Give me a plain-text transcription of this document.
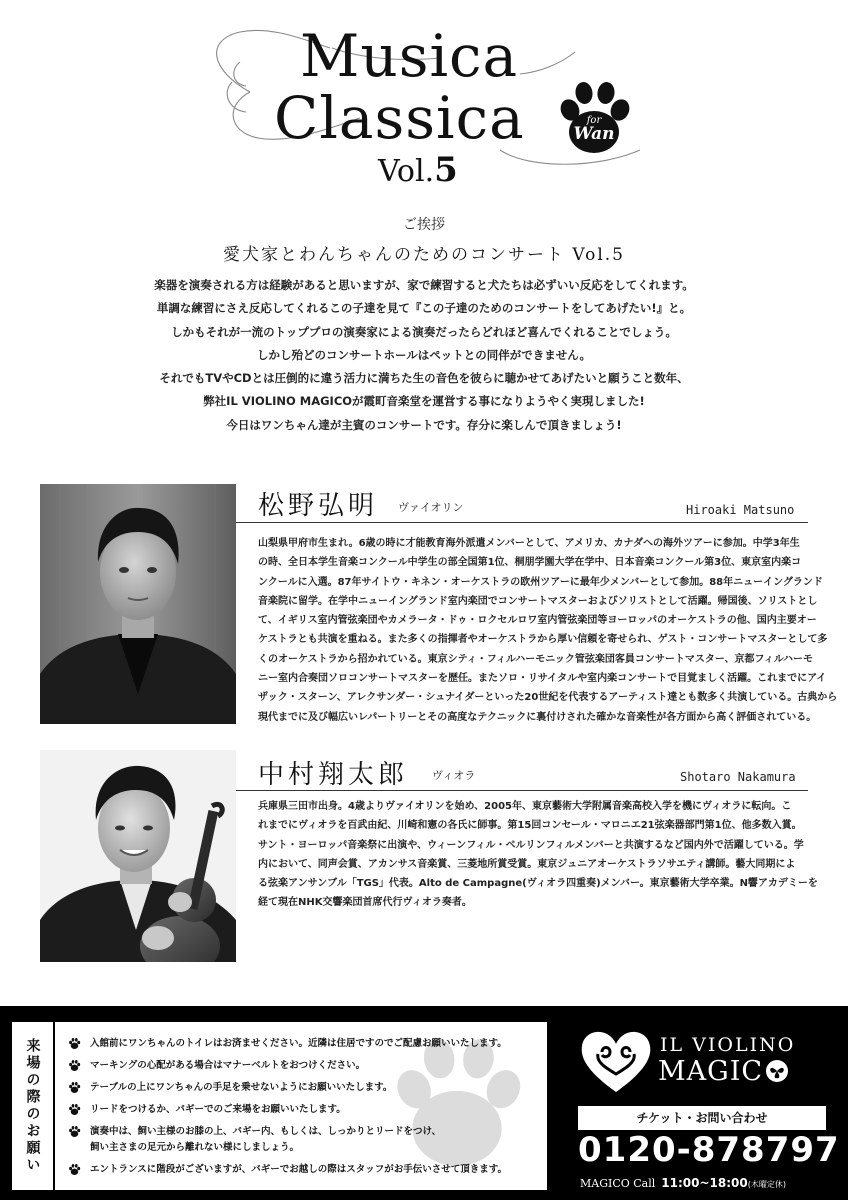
Musica
Classica
Vol.5
for
Wan
ご挨拶
愛犬家とわんちゃんのためのコンサート Vol.5
楽器を演奏される方は経験があると思いますが、家で練習すると犬たちは必ずいい反応をしてくれます。
単調な練習にさえ反応してくれるこの子達を見て『この子達のためのコンサートをしてあげたい!』と。
しかもそれが一流のトッププロの演奏家による演奏だったらどれほど喜んでくれることでしょう。
しかし殆どのコンサートホールはペットとの同伴ができません。
それでもTVやCDとは圧倒的に違う活力に満ちた生の音色を彼らに聴かせてあげたいと願うこと数年、
弊社IL VIOLINO MAGICOが霞町音楽堂を運営する事になりようやく実現しました!
今日はワンちゃん達が主賓のコンサートです。存分に楽しんで頂きましょう!
松野弘明 ヴァイオリン	Hiroaki Matsuno
山梨県甲府市生まれ。6歳の時に才能教育海外派遣メンバーとして、アメリカ、カナダへの海外ツアーに参加。中学3年生
の時、全日本学生音楽コンクール中学生の部全国第1位、桐朋学園大学在学中、日本音楽コンクール第3位、東京室内楽コ
ンクールに入選。87年サイトウ・キネン・オーケストラの欧州ツアーに最年少メンバーとして参加。88年ニューイングランド
音楽院に留学。在学中ニューイングランド室内楽団でコンサートマスターおよびソリストとして活躍。帰国後、ソリストとし
て、イギリス室内管弦楽団やカメラータ・ドゥ・ロクセルロワ室内管弦楽団等ヨーロッパのオーケストラの他、国内主要オー
ケストラとも共演を重ねる。また多くの指揮者やオーケストラから厚い信頼を寄せられ、ゲスト・コンサートマスターとして多
くのオーケストラから招かれている。東京シティ・フィルハーモニック管弦楽団客員コンサートマスター、京都フィルハーモ
ニー室内合奏団ソロコンサートマスターを歴任。またソロ・リサイタルや室内楽コンサートで目覚ましく活躍。これまでにアイ
ザック・スターン、アレクサンダー・シュナイダーといった20世紀を代表するアーティスト達とも数多く共演している。古典から
現代までに及び幅広いレパートリーとその高度なテクニックに裏付けされた確かな音楽性が各方面から高く評価されている。
中村翔太郎 ヴィオラ	Shotaro Nakamura
兵庫県三田市出身。4歳よりヴァイオリンを始め、2005年、東京藝術大学附属音楽高校入学を機にヴィオラに転向。こ
れまでにヴィオラを百武由紀、川崎和憲の各氏に師事。第15回コンセール・マロニエ21弦楽器部門第1位、他多数入賞。
サント・ヨーロッパ音楽祭に出演や、ウィーンフィル・ベルリンフィルメンバーと共演するなど国内外で活躍している。学
内において、同声会賞、アカンサス音楽賞、三菱地所賞受賞。東京ジュニアオーケストラソサエティ講師。藝大同期によ
る弦楽アンサンブル「TGS」代表。Alto de Campagne(ヴィオラ四重奏)メンバー。東京藝術大学卒業。N響アカデミーを
経て現在NHK交響楽団首席代行ヴィオラ奏者。
来場の際のお願い	入館前にワンちゃんのトイレはお済ませください。近隣は住居ですのでご配慮お願いいたします。
マーキングの心配がある場合はマナーベルトをおつけください。
テーブルの上にワンちゃんの手足を乗せないようにお願いいたします。
リードをつけるか、バギーでのご来場をお願いいたします。
演奏中は、飼い主様のお膝の上、バギー内、もしくは、しっかりとリードをつけ、
飼い主さまの足元から離れない様にしましょう。
エントランスに階段がございますが、バギーでお越しの際はスタッフがお手伝いさせて頂きます。
IL VIOLINO
MAGIC
チケット・お問い合わせ
0120-878797
MAGICO Call 11:00~18:00(木曜定休)
